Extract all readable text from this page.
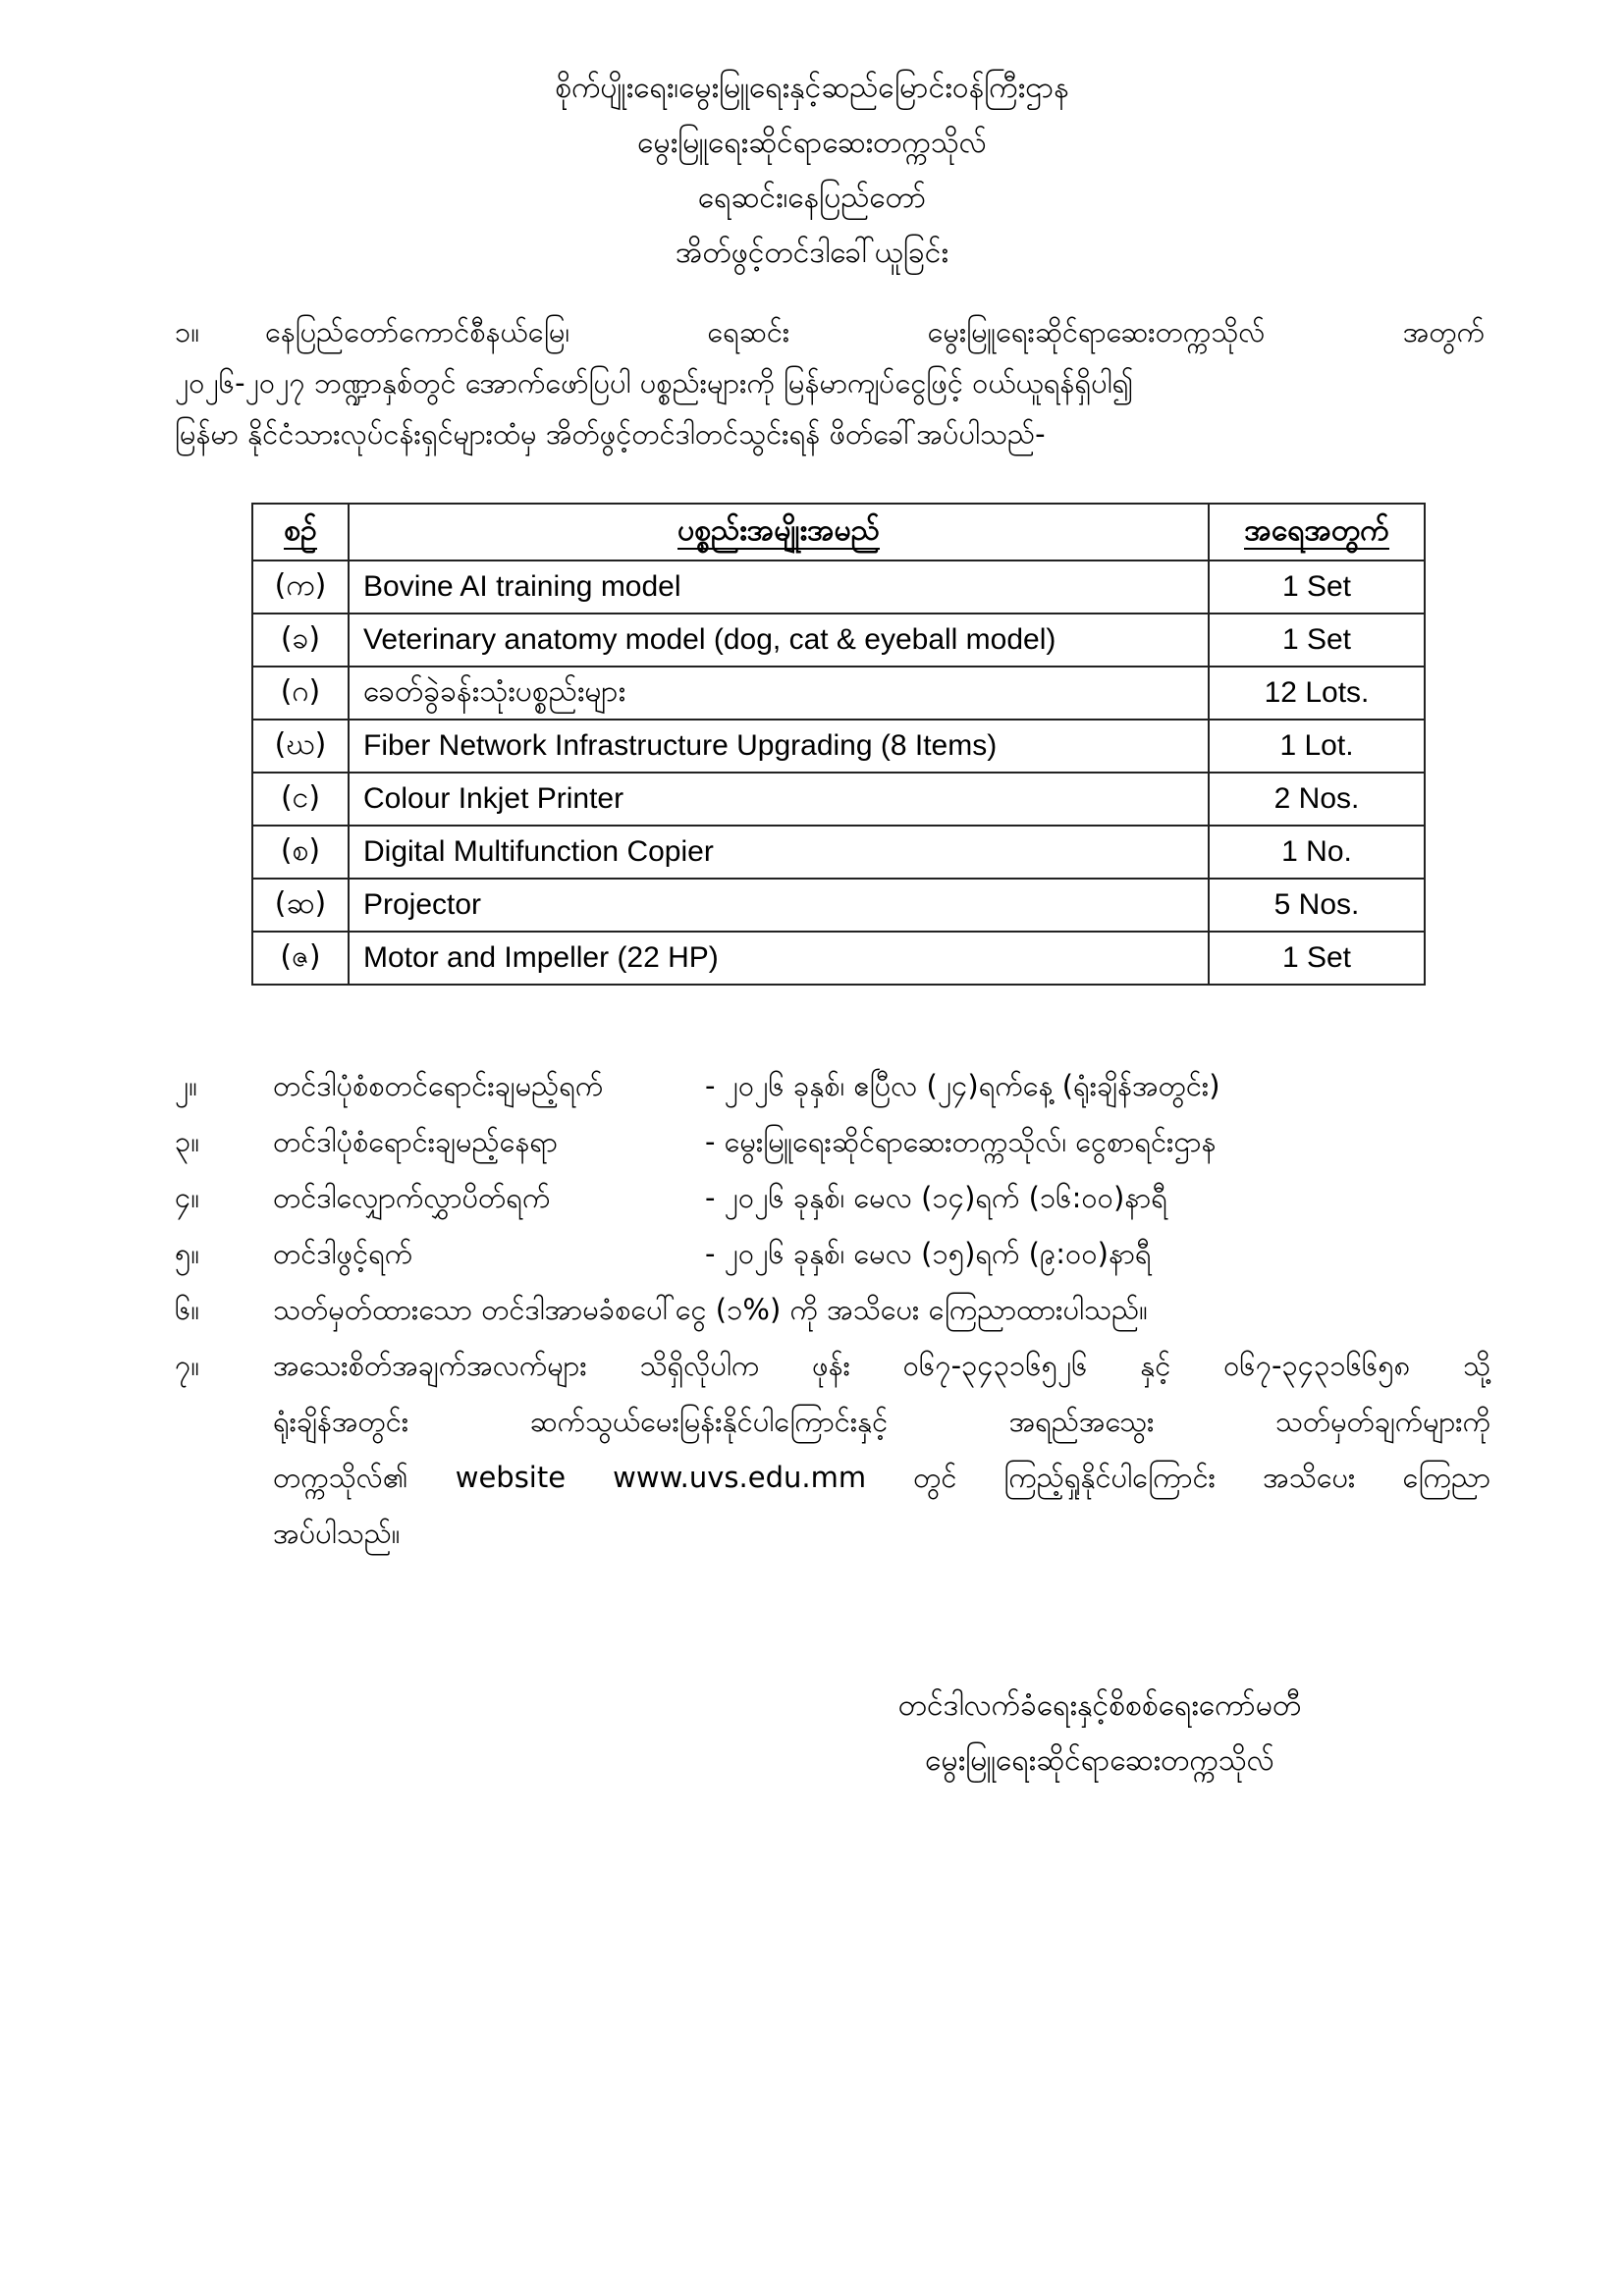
စိုက်ပျိုးရေး၊မွေးမြူရေးနှင့်ဆည်မြောင်းဝန်ကြီးဌာန
မွေးမြူရေးဆိုင်ရာဆေးတက္ကသိုလ်
ရေဆင်း၊နေပြည်တော်
အိတ်ဖွင့်တင်ဒါခေါ်ယူခြင်း
၁။ နေပြည်တော်ကောင်စီနယ်မြေ၊ ရေဆင်း မွေးမြူရေးဆိုင်ရာဆေးတက္ကသိုလ် အတွက်
၂၀၂၆-၂၀၂၇ ဘဏ္ဍာနှစ်တွင် အောက်ဖော်ပြပါ ပစ္စည်းများကို မြန်မာကျပ်ငွေဖြင့် ဝယ်ယူရန်ရှိပါ၍
မြန်မာ နိုင်ငံသားလုပ်ငန်းရှင်များထံမှ အိတ်ဖွင့်တင်ဒါတင်သွင်းရန် ဖိတ်ခေါ်အပ်ပါသည်-
စဉ်	ပစ္စည်းအမျိုးအမည်	အရေအတွက်
(က)	Bovine AI training model	1 Set
(ခ)	Veterinary anatomy model (dog, cat & eyeball model)	1 Set
(ဂ)	ခေတ်ခွဲခန်းသုံးပစ္စည်းများ	12 Lots.
(ဃ)	Fiber Network Infrastructure Upgrading (8 Items)	1 Lot.
(င)	Colour Inkjet Printer	2 Nos.
(စ)	Digital Multifunction Copier	1 No.
(ဆ)	Projector	5 Nos.
(ဇ)	Motor and Impeller (22 HP)	1 Set
၂။	တင်ဒါပုံစံစတင်ရောင်းချမည့်ရက်	- ၂၀၂၆ ခုနှစ်၊ ဧပြီလ (၂၄)ရက်နေ့ (ရုံးချိန်အတွင်း)
၃။	တင်ဒါပုံစံရောင်းချမည့်နေရာ	- မွေးမြူရေးဆိုင်ရာဆေးတက္ကသိုလ်၊ ငွေစာရင်းဌာန
၄။	တင်ဒါလျှောက်လွှာပိတ်ရက်	- ၂၀၂၆ ခုနှစ်၊ မေလ (၁၄)ရက် (၁၆:၀၀)နာရီ
၅။	တင်ဒါဖွင့်ရက်	- ၂၀၂၆ ခုနှစ်၊ မေလ (၁၅)ရက် (၉:၀၀)နာရီ
၆။	သတ်မှတ်ထားသော တင်ဒါအာမခံစပေါ်ငွေ (၁%) ကို အသိပေး ကြေညာထားပါသည်။
၇။	အသေးစိတ်အချက်အလက်များ သိရှိလိုပါက ဖုန်း ၀၆၇-၃၄၃၁၆၅၂၆ နှင့် ၀၆၇-၃၄၃၁၆၆၅၈ သို့
ရုံးချိန်အတွင်း ဆက်သွယ်မေးမြန်းနိုင်ပါကြောင်းနှင့် အရည်အသွေး သတ်မှတ်ချက်များကို
တက္ကသိုလ်၏ website www.uvs.edu.mm တွင် ကြည့်ရှုနိုင်ပါကြောင်း အသိပေး ကြေညာ
အပ်ပါသည်။
တင်ဒါလက်ခံရေးနှင့်စိစစ်ရေးကော်မတီ
မွေးမြူရေးဆိုင်ရာဆေးတက္ကသိုလ်
